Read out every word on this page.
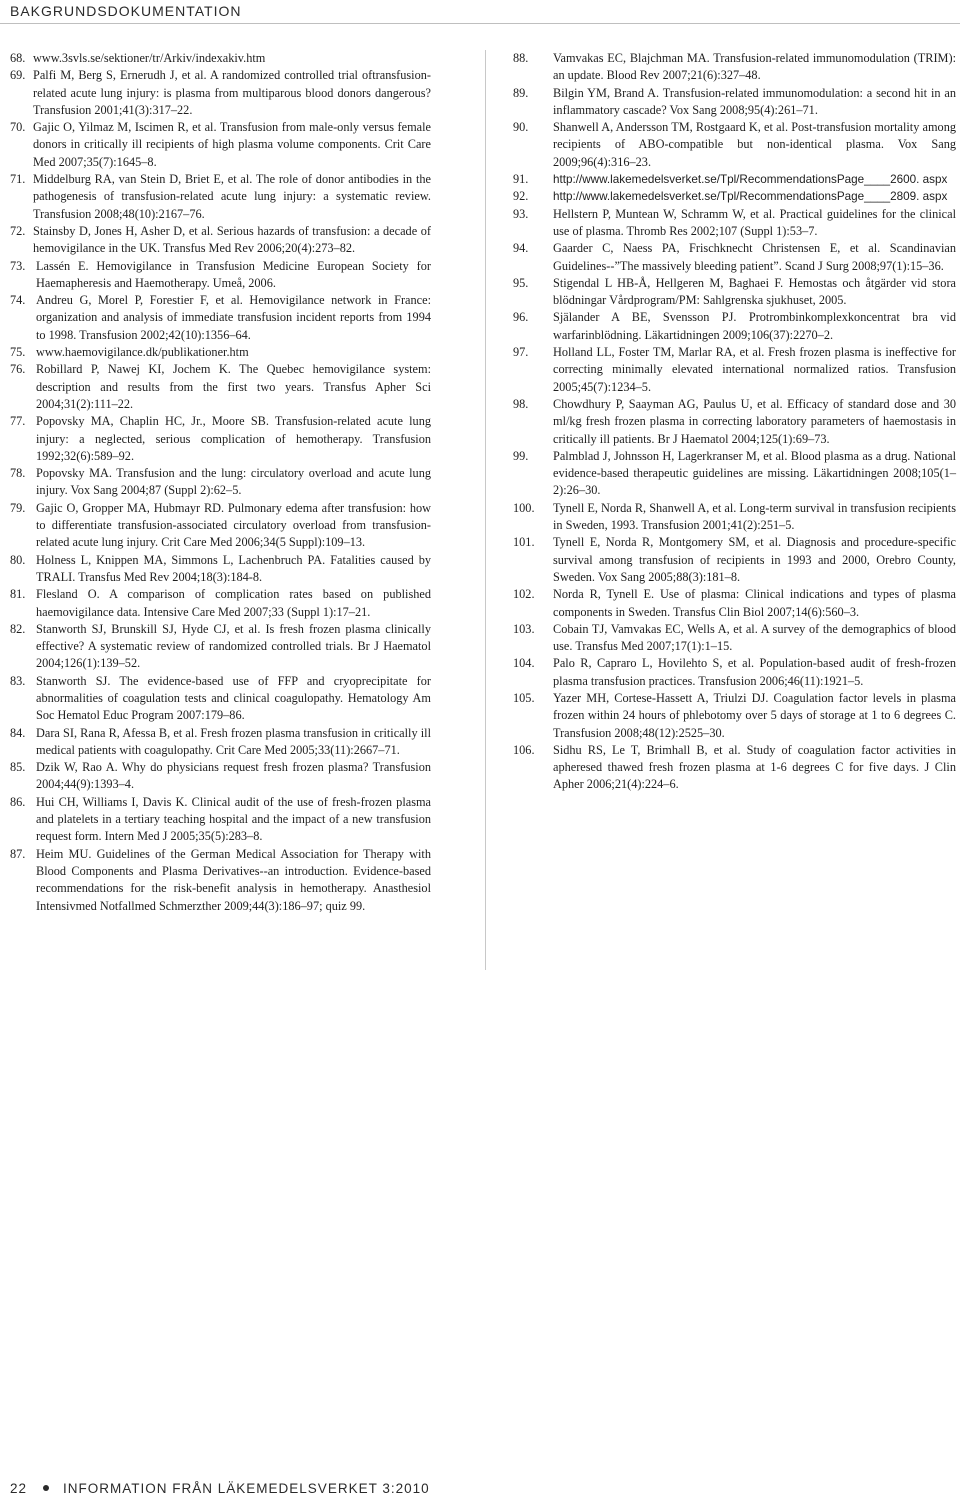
BAKGRUNDSDOKUMENTATION
68. www.3svls.se/sektioner/tr/Arkiv/indexakiv.htm
69. Palfi M, Berg S, Ernerudh J, et al. A randomized controlled trial oftransfusion-related acute lung injury: is plasma from multiparous blood donors dangerous? Transfusion 2001;41(3):317–22.
70. Gajic O, Yilmaz M, Iscimen R, et al. Transfusion from male-only versus female donors in critically ill recipients of high plasma volume components. Crit Care Med 2007;35(7):1645–8.
71. Middelburg RA, van Stein D, Briet E, et al. The role of donor antibodies in the pathogenesis of transfusion-related acute lung injury: a systematic review. Transfusion 2008;48(10):2167–76.
72. Stainsby D, Jones H, Asher D, et al. Serious hazards of transfusion: a decade of hemovigilance in the UK. Transfus Med Rev 2006;20(4):273–82.
73. Lassén E. Hemovigilance in Transfusion Medicine European Society for Haemapheresis and Haemotherapy. Umeå, 2006.
74. Andreu G, Morel P, Forestier F, et al. Hemovigilance network in France: organization and analysis of immediate transfusion incident reports from 1994 to 1998. Transfusion 2002;42(10):1356–64.
75. www.haemovigilance.dk/publikationer.htm
76. Robillard P, Nawej KI, Jochem K. The Quebec hemovigilance system: description and results from the first two years. Transfus Apher Sci 2004;31(2):111–22.
77. Popovsky MA, Chaplin HC, Jr., Moore SB. Transfusion-related acute lung injury: a neglected, serious complication of hemotherapy. Transfusion 1992;32(6):589–92.
78. Popovsky MA. Transfusion and the lung: circulatory overload and acute lung injury. Vox Sang 2004;87 (Suppl 2):62–5.
79. Gajic O, Gropper MA, Hubmayr RD. Pulmonary edema after transfusion: how to differentiate transfusion-associated circulatory overload from transfusion-related acute lung injury. Crit Care Med 2006;34(5 Suppl):109–13.
80. Holness L, Knippen MA, Simmons L, Lachenbruch PA. Fatalities caused by TRALI. Transfus Med Rev 2004;18(3):184-8.
81. Flesland O. A comparison of complication rates based on published haemovigilance data. Intensive Care Med 2007;33 (Suppl 1):17–21.
82. Stanworth SJ, Brunskill SJ, Hyde CJ, et al. Is fresh frozen plasma clinically effective? A systematic review of randomized controlled trials. Br J Haematol 2004;126(1):139–52.
83. Stanworth SJ. The evidence-based use of FFP and cryoprecipitate for abnormalities of coagulation tests and clinical coagulopathy. Hematology Am Soc Hematol Educ Program 2007:179–86.
84. Dara SI, Rana R, Afessa B, et al. Fresh frozen plasma transfusion in critically ill medical patients with coagulopathy. Crit Care Med 2005;33(11):2667–71.
85. Dzik W, Rao A. Why do physicians request fresh frozen plasma? Transfusion 2004;44(9):1393–4.
86. Hui CH, Williams I, Davis K. Clinical audit of the use of fresh-frozen plasma and platelets in a tertiary teaching hospital and the impact of a new transfusion request form. Intern Med J 2005;35(5):283–8.
87. Heim MU. Guidelines of the German Medical Association for Therapy with Blood Components and Plasma Derivatives--an introduction. Evidence-based recommendations for the risk-benefit analysis in hemotherapy. Anasthesiol Intensivmed Notfallmed Schmerzther 2009;44(3):186–97; quiz 99.
88.	Vamvakas EC, Blajchman MA. Transfusion-related immunomodulation (TRIM): an update. Blood Rev 2007;21(6):327–48.
89.	Bilgin YM, Brand A. Transfusion-related immunomodulation: a second hit in an inflammatory cascade? Vox Sang 2008;95(4):261–71.
90.	Shanwell A, Andersson TM, Rostgaard K, et al. Post-transfusion mortality among recipients of ABO-compatible but non-identical plasma. Vox Sang 2009;96(4):316–23.
91.	http://www.lakemedelsverket.se/Tpl/RecommendationsPage____2600. aspx
92.	http://www.lakemedelsverket.se/Tpl/RecommendationsPage____2809. aspx
93.	Hellstern P, Muntean W, Schramm W, et al. Practical guidelines for the clinical use of plasma. Thromb Res 2002;107 (Suppl 1):53–7.
94.	Gaarder C, Naess PA, Frischknecht Christensen E, et al. Scandinavian Guidelines--”The massively bleeding patient”. Scand J Surg 2008;97(1):15–36.
95.	Stigendal L HB-Å, Hellgeren M, Baghaei F. Hemostas och åtgärder vid stora blödningar Vårdprogram/PM: Sahlgrenska sjukhuset, 2005.
96.	Själander A BE, Svensson PJ. Protrombinkomplexkoncentrat bra vid warfarinblödning. Läkartidningen 2009;106(37):2270–2.
97.	Holland LL, Foster TM, Marlar RA, et al. Fresh frozen plasma is ineffective for correcting minimally elevated international normalized ratios. Transfusion 2005;45(7):1234–5.
98.	Chowdhury P, Saayman AG, Paulus U, et al. Efficacy of standard dose and 30 ml/kg fresh frozen plasma in correcting laboratory parameters of haemostasis in critically ill patients. Br J Haematol 2004;125(1):69–73.
99.	Palmblad J, Johnsson H, Lagerkranser M, et al. Blood plasma as a drug. National evidence-based therapeutic guidelines are missing. Läkartidningen 2008;105(1–2):26–30.
100.	Tynell E, Norda R, Shanwell A, et al. Long-term survival in transfusion recipients in Sweden, 1993. Transfusion 2001;41(2):251–5.
101.	Tynell E, Norda R, Montgomery SM, et al. Diagnosis and procedure-specific survival among transfusion of recipients in 1993 and 2000, Orebro County, Sweden. Vox Sang 2005;88(3):181–8.
102.	Norda R, Tynell E. Use of plasma: Clinical indications and types of plasma components in Sweden. Transfus Clin Biol 2007;14(6):560–3.
103.	Cobain TJ, Vamvakas EC, Wells A, et al. A survey of the demographics of blood use. Transfus Med 2007;17(1):1–15.
104.	Palo R, Capraro L, Hovilehto S, et al. Population-based audit of fresh-frozen plasma transfusion practices. Transfusion 2006;46(11):1921–5.
105.	Yazer MH, Cortese-Hassett A, Triulzi DJ. Coagulation factor levels in plasma frozen within 24 hours of phlebotomy over 5 days of storage at 1 to 6 degrees C. Transfusion 2008;48(12):2525–30.
106.	Sidhu RS, Le T, Brimhall B, et al. Study of coagulation factor activities in apheresed thawed fresh frozen plasma at 1-6 degrees C for five days. J Clin Apher 2006;21(4):224–6.
22	INFORMATION FRÅN LÄKEMEDELSVERKET 3:2010
